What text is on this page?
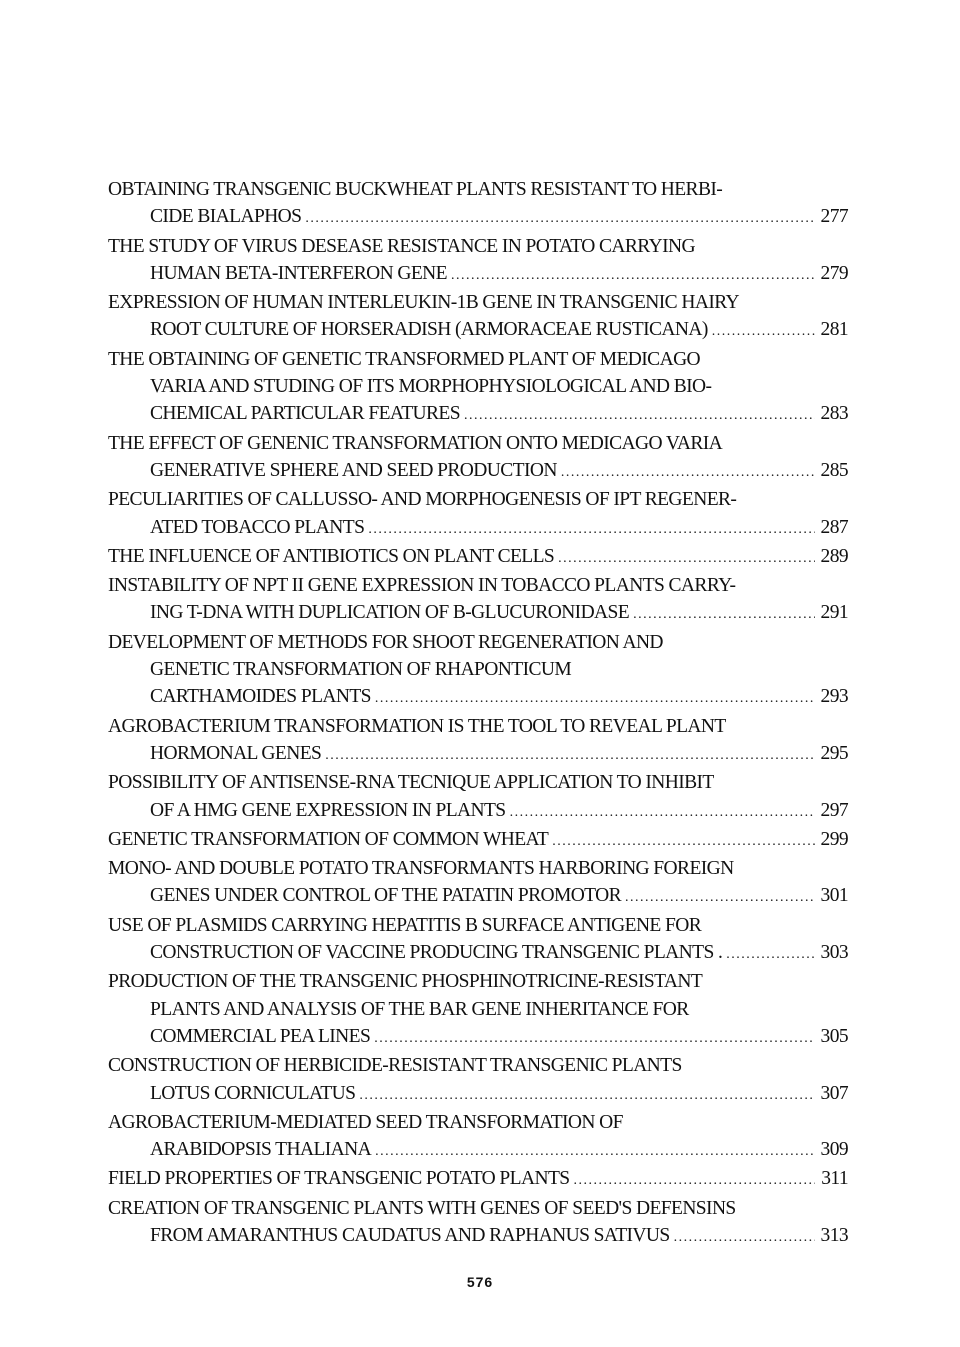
OBTAINING TRANSGENIC BUCKWHEAT PLANTS RESISTANT TO HERBI-
CIDE BIALAPHOS .....	277
THE STUDY OF VIRUS DESEASE RESISTANCE IN POTATO CARRYING
HUMAN BETA-INTERFERON GENE .....	279
EXPRESSION OF HUMAN INTERLEUKIN-1B GENE IN TRANSGENIC HAIRY
ROOT CULTURE OF HORSERADISH (ARMORACEAE RUSTICANA) .....	281
THE OBTAINING OF GENETIC TRANSFORMED PLANT OF MEDICAGO
VARIA AND STUDING OF ITS MORPHOPHYSIOLOGICAL AND BIO-
CHEMICAL PARTICULAR FEATURES .....	283
THE EFFECT OF GENENIC TRANSFORMATION ONTO MEDICAGO VARIA
GENERATIVE SPHERE AND SEED PRODUCTION .....	285
PECULIARITIES OF CALLUSSO- AND MORPHOGENESIS OF IPT REGENER-
ATED TOBACCO PLANTS .....	287
THE INFLUENCE OF ANTIBIOTICS ON PLANT CELLS .....	289
INSTABILITY OF NPT II GENE EXPRESSION IN TOBACCO PLANTS CARRY-
ING T-DNA WITH DUPLICATION OF B-GLUCURONIDASE .....	291
DEVELOPMENT OF METHODS FOR SHOOT REGENERATION AND
GENETIC TRANSFORMATION OF RHAPONTICUM
CARTHAMOIDES PLANTS .....	293
AGROBACTERIUM TRANSFORMATION IS THE TOOL TO REVEAL PLANT
HORMONAL GENES .....	295
POSSIBILITY OF ANTISENSE-RNA TECNIQUE APPLICATION TO INHIBIT
OF A HMG GENE EXPRESSION IN PLANTS .....	297
GENETIC TRANSFORMATION OF COMMON WHEAT .....	299
MONO- AND DOUBLE POTATO TRANSFORMANTS HARBORING FOREIGN
GENES UNDER CONTROL OF THE PATATIN PROMOTOR .....	301
USE OF PLASMIDS CARRYING HEPATITIS B SURFACE ANTIGENE FOR
CONSTRUCTION OF VACCINE PRODUCING TRANSGENIC PLANTS . .....	303
PRODUCTION OF THE TRANSGENIC PHOSPHINOTRICINE-RESISTANT
PLANTS AND ANALYSIS OF THE BAR GENE INHERITANCE FOR
COMMERCIAL PEA LINES .....	305
CONSTRUCTION OF HERBICIDE-RESISTANT TRANSGENIC PLANTS
LOTUS CORNICULATUS .....	307
AGROBACTERIUM-MEDIATED SEED TRANSFORMATION OF
ARABIDOPSIS THALIANA .....	309
FIELD PROPERTIES OF TRANSGENIC POTATO PLANTS .....	311
CREATION OF TRANSGENIC PLANTS WITH GENES OF SEED'S DEFENSINS
FROM AMARANTHUS CAUDATUS AND RAPHANUS SATIVUS .....	313
576
